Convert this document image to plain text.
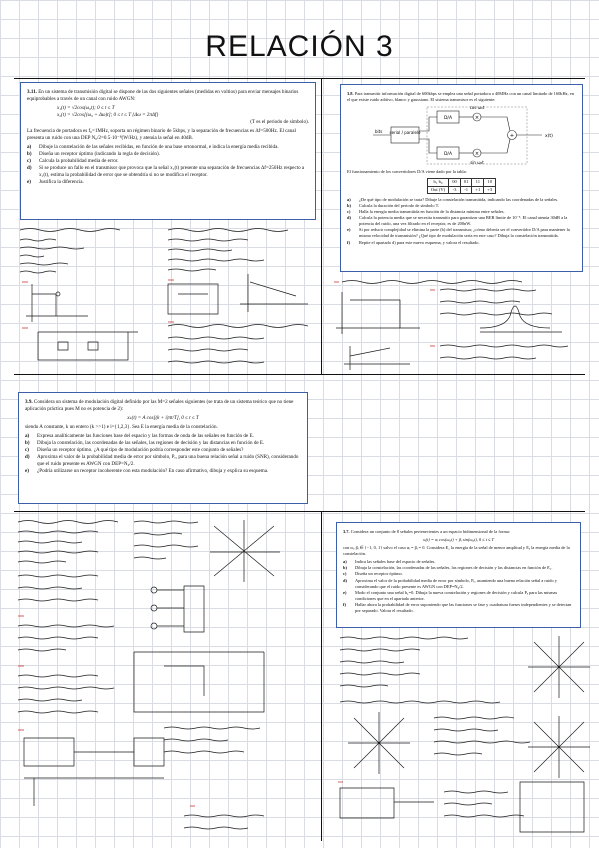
RELACIÓN 3

3.11. En un sistema de transmisión digital se dispone de las dos siguientes señales (medidas en voltios) para enviar mensajes binarios equiprobables a través de un canal con ruido AWGN:

x₁(t) = √2cos(ω₀t); 0 ≤ t ≤ T
x₂(t) = √2cos[(ω₀ + Δω)t]; 0 ≤ t ≤ T {Δω = 2πΔf}
(T es el periodo de símbolo).

La frecuencia de portadora es f₀=1MHz, soporta un régimen binario de 5kbps, y la separación de frecuencias es Δf=500Hz. El canal presenta un ruido con una DEP N₀/2=0.5·10⁻⁸(W/Hz), y atenúa la señal en 40dB.

a) Dibuje la constelación de las señales recibidas, en función de una base ortonormal, e indica la energía media recibida.
b) Diseña un receptor óptimo (indicando la regla de decisión).
c) Calcula la probabilidad media de error.
d) Si se produce un fallo en el transmisor que provoca que la señal x₁(t) presente una separación de frecuencias Δf=250Hz respecto a x₁(t), estima la probabilidad de error que se obtendría si no se modifica el receptor.
e) Justifica la diferencia.

3.8. Para transmitir información digital de 600kbps se emplea una señal portadora a 40MHz con un canal limitado de 160kHz, en el que existe ruido aditivo, blanco y gaussiano. El sistema transmisor es el siguiente:

serial / paralelo
bits
D/A
D/A
×
×
+
cos ω₀t
sin ω₀t
x(t)

El funcionamiento de los convertidores D/A viene dado por la tabla:

b₁ b₀	00	01	11	10
Out (V)	-3	-1	+1	+3
a) ¿De qué tipo de modulación se trata? Dibuje la constelación transmitida, indicando las coordenadas de la señales.
b) Calcula la duración del periodo de símbolo T.
c) Halla la energía media transmitida en función de la distancia mínima entre señales.
d) Calcula la potencia media que se necesita transmitir para garantizar una BER límite de 10⁻⁵. El canal atenúa 30dB a la potencia del ruido, una vez filtrado en el receptor, es de 200nW.
e) Si por reducir complejidad se elimina la parte (b) del transmisor, ¿cómo debería ser el convertidor D/A para mantener la misma velocidad de transmisión? ¿Qué tipo de modulación sería en este caso? Dibuja la constelación transmitida.
f) Repite el apartado d) para este nuevo esquema, y valora el resultado.

3.9. Considera un sistema de modulación digital definido por las M=2 señales siguientes (se trata de un sistema teórico que no tiene aplicación práctica pues M no es potencia de 2):

xₖ(t) = A cos[(k + i)πt/T], 0 ≤ t ≤ T

siendo A constante, k un entero (k >>1) e i={1,2,3}. Sea E la energía media de la constelación.

a) Expresa analíticamente las funciones base del espacio y las formas de onda de las señales en función de E.
b) Dibuja la constelación, las coordenadas de las señales, las regiones de decisión y las distancias en función de E.
c) Diseña un receptor óptimo. ¿A qué tipo de modulación podría corresponder este conjunto de señales?
d) Aproxima el valor de la probabilidad media de error por símbolo, Pₑ, para una buena relación señal a ruido (SNR), considerando que el ruido presente es AWGN con DEP=N₀/2.
e) ¿Podría utilizarse un receptor incoherente con esta modulación? En caso afirmativo, dibuja y explica su esquema.

3.7. Considera un conjunto de 8 señales pertenecientes a un espacio bidimensional de la forma:

xᵢ(t) = αᵢ cos(ω₀t) + βᵢ sin(ω₀t), 0 ≤ t ≤ T

con αᵢ, βᵢ ∈ {−1, 0, 1} salvo el caso αᵢ = βᵢ = 0. Considera E₁ la energía de la señal de menor amplitud y Eₐ la energía media de la constelación.

a) Indica las señales base del espacio de señales.
b) Dibuja la constelación, las coordenadas de las señales, las regiones de decisión y las distancias en función de E₁.
c) Diseña un receptor óptimo.
d) Aproxima el valor de la probabilidad media de error por símbolo, Pₑ, asumiendo una buena relación señal a ruido y considerando que el ruido presente es AWGN con DEP=N₀/2.
e) Modo el conjunto una señal b₁=0. Dibuja la nueva constelación y regiones de decisión y calcula Pₑ para las mismas condiciones que en el apartado anterior.
f) Hallar ahora la probabilidad de error suponiendo que las funciones se fase y cuadratura fueses independientes y se detectan por separado. Valora el resultado.
